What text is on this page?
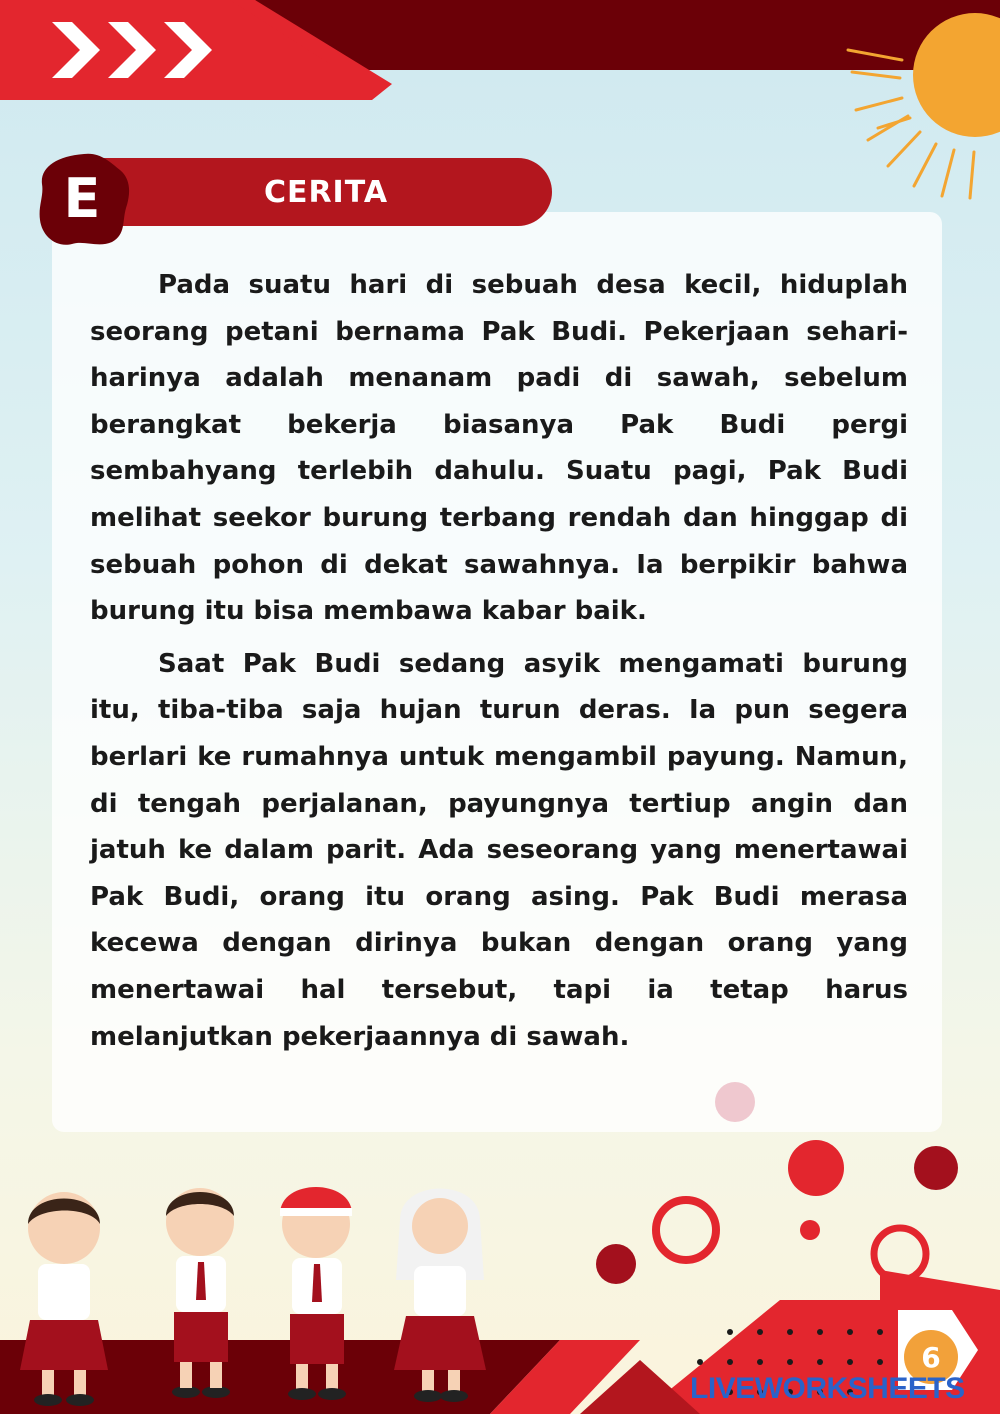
CERITA
E

Pada suatu hari di sebuah desa kecil, hiduplah seorang petani bernama Pak Budi. Pekerjaan sehari-harinya adalah menanam padi di sawah, sebelum berangkat bekerja biasanya Pak Budi pergi sembahyang terlebih dahulu. Suatu pagi, Pak Budi melihat seekor burung terbang rendah dan hinggap di sebuah pohon di dekat sawahnya. Ia berpikir bahwa burung itu bisa membawa kabar baik.

Saat Pak Budi sedang asyik mengamati burung itu, tiba-tiba saja hujan turun deras. Ia pun segera berlari ke rumahnya untuk mengambil payung. Namun, di tengah perjalanan, payungnya tertiup angin dan jatuh ke dalam parit. Ada seseorang yang menertawai Pak Budi, orang itu orang asing. Pak Budi merasa kecewa dengan dirinya bukan dengan orang yang menertawai hal tersebut, tapi ia tetap harus melanjutkan pekerjaannya di sawah.

6
LIVEWORKSHEETS
